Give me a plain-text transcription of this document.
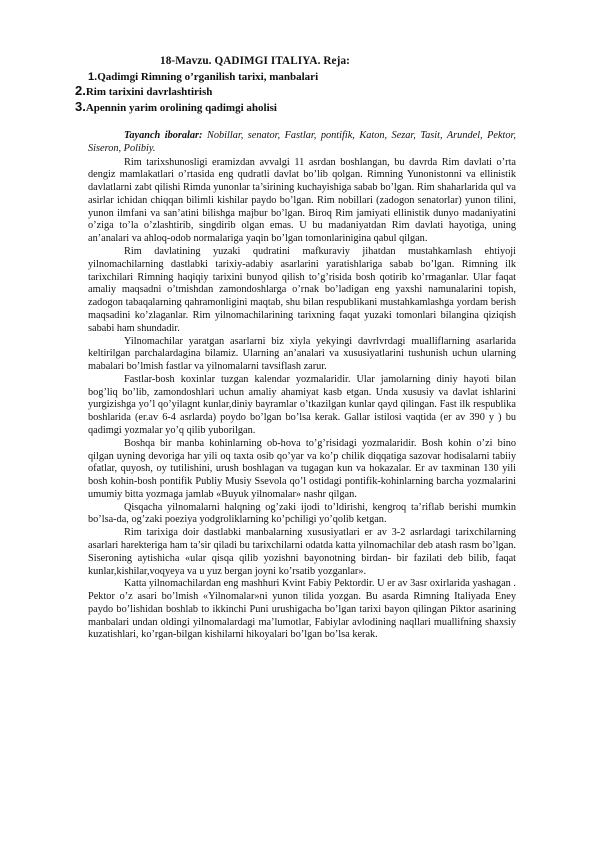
18-Mavzu. QADIMGI ITALIYA. Reja:
1. Qadimgi Rimning o’rganilish tarixi, manbalari
2. Rim tarixini davrlashtirish
3. Apennin yarim orolining qadimgi aholisi

Tayanch iboralar: Nobillar, senator, Fastlar, pontifik, Katon, Sezar, Tasit, Arundel, Pektor, Siseron, Polibiy.

Rim tarixshunosligi eramizdan avvalgi 11 asrdan boshlangan, bu davrda Rim davlati o’rta dengiz mamlakatlari o’rtasida eng qudratli davlat bo’lib qolgan. Rimning Yunonistonni va ellinistik davlatlarni zabt qilishi Rimda yunonlar ta’sirining kuchayishiga sabab bo’lgan. Rim shaharlarida qul va asirlar ichidan chiqqan bilimli kishilar paydo bo’lgan. Rim nobillari (zadogon senatorlar) yunon tilini, yunon ilmfani va san’atini bilishga majbur bo’lgan. Biroq Rim jamiyati ellinistik dunyo madaniyatini o’ziga to’la o’zlashtirib, singdirib olgan emas. U bu madaniyatdan Rim davlati hayotiga, uning an’analari va ahloq-odob normalariga yaqin bo’lgan tomonlarinigina qabul qilgan.

Rim davlatining yuzaki qudratini mafkuraviy jihatdan mustahkamlash ehtiyoji yilnomachilarning dastlabki tarixiy-adabiy asarlarini yaratishlariga sabab bo’lgan. Rimning ilk tarixchilari Rimning haqiqiy tarixini bunyod qilish to’g’risida bosh qotirib ko’rmaganlar. Ular faqat amaliy maqsadni o’tmishdan zamondoshlarga o’rnak bo’ladigan eng yaxshi namunalarini topish, zadogon tabaqalarning qahramonligini maqtab, shu bilan respublikani mustahkamlashga yordam berish maqsadini ko’zlaganlar. Rim yilnomachilarining tarixning faqat yuzaki tomonlari bilangina qiziqish sababi ham shundadir.

Yilnomachilar yaratgan asarlarni biz xiyla yekyingi davrlvrdagi mualliflarning asarlarida keltirilgan parchalardagina bilamiz. Ularning an’analari va xususiyatlarini tushunish uchun ularning mabalari bo’lmish fastlar va yilnomalarni tavsiflash zarur.

Fastlar-bosh koxinlar tuzgan kalendar yozmalaridir. Ular jamolarning diniy hayoti bilan bog’liq bo’lib, zamondoshlari uchun amaliy ahamiyat kasb etgan. Unda xususiy va davlat ishlarini yurgizishga yo’l qo’yilagnt kunlar,diniy bayramlar o’tkazilgan kunlar qayd qilingan. Fast ilk respublika boshlarida (er.av 6-4 asrlarda) poydo bo’lgan bo’lsa kerak. Gallar istilosi vaqtida (er av 390 y ) bu qadimgi yozmalar yo’q qilib yuborilgan.

Boshqa bir manba kohinlarning ob-hova to’g’risidagi yozmalaridir. Bosh kohin o’zi bino qilgan uyning devoriga har yili oq taxta osib qo’yar va ko’p chilik diqqatiga sazovar hodisalarni tabiiy ofatlar, quyosh, oy tutilishini, urush boshlagan va tugagan kun va hokazalar. Er av taxminan 130 yili bosh kohin-bosh pontifik Publiy Musiy Ssevola qo’l ostidagi pontifik-kohinlarning barcha yozmalarini umumiy bitta yozmaga jamlab «Buyuk yilnomalar» nashr qilgan.

Qisqacha yilnomalarni halqning og’zaki ijodi to’ldirishi, kengroq ta’riflab berishi mumkin bo’lsa-da, og’zaki poeziya yodgroliklarning ko’pchiligi yo’qolib ketgan.

Rim tarixiga doir dastlabki manbalarning xususiyatlari er av 3-2 asrlardagi tarixchilarning asarlari harekteriga ham ta’sir qiladi bu tarixchilarni odatda katta yilnomachilar deb atash rasm bo’lgan. Siseroning aytishicha «ular qisqa qilib yozishni bayonotning birdan- bir fazilati deb bilib, faqat kunlar,kishilar,voqyeya va u yuz bergan joyni ko’rsatib yozganlar».

Katta yilnomachilardan eng mashhuri Kvint Fabiy Pektordir. U er av 3asr oxirlarida yashagan . Pektor o’z asari bo’lmish «Yilnomalar»ni yunon tilida yozgan. Bu asarda Rimning Italiyada Eney paydo bo’lishidan boshlab to ikkinchi Puni urushigacha bo’lgan tarixi bayon qilingan Piktor asarining manbalari undan oldingi yilnomalardagi ma’lumotlar, Fabiylar avlodining naqllari muallifning shaxsiy kuzatishlari, ko’rgan-bilgan kishilarni hikoyalari bo’lgan bo’lsa kerak.
